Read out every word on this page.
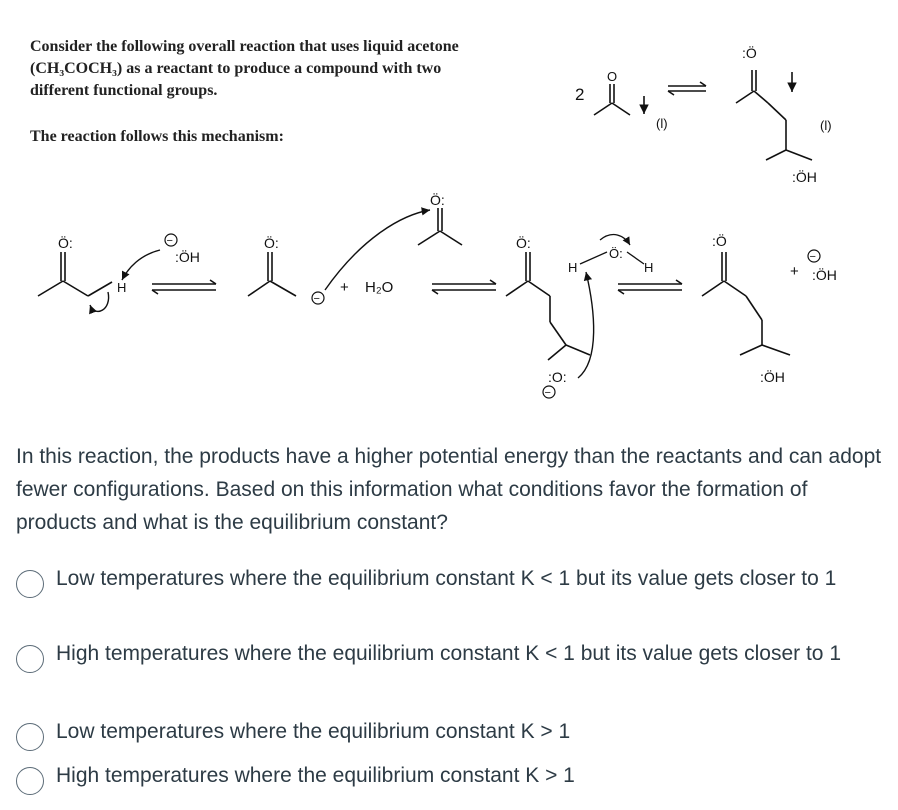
Consider the following overall reaction that uses liquid acetone

(CH₃COCH₃) as a reactant to produce a compound with two

different functional groups.

The reaction follows this mechanism:

2
O
(l)
:Ö
(l)
:ÖH
Ö:
H
−
:ÖH
Ö:
−
+ H₂O
Ö:
Ö:
:O:
−
H
Ö:
H
:Ö
:ÖH
+
−
:ÖH
In this reaction, the products have a higher potential energy than the reactants and can adopt fewer configurations. Based on this information what conditions favor the formation of products and what is the equilibrium constant?
Low temperatures where the equilibrium constant K < 1 but its value gets closer to 1
High temperatures where the equilibrium constant K < 1 but its value gets closer to 1
Low temperatures where the equilibrium constant K > 1
High temperatures where the equilibrium constant K > 1
